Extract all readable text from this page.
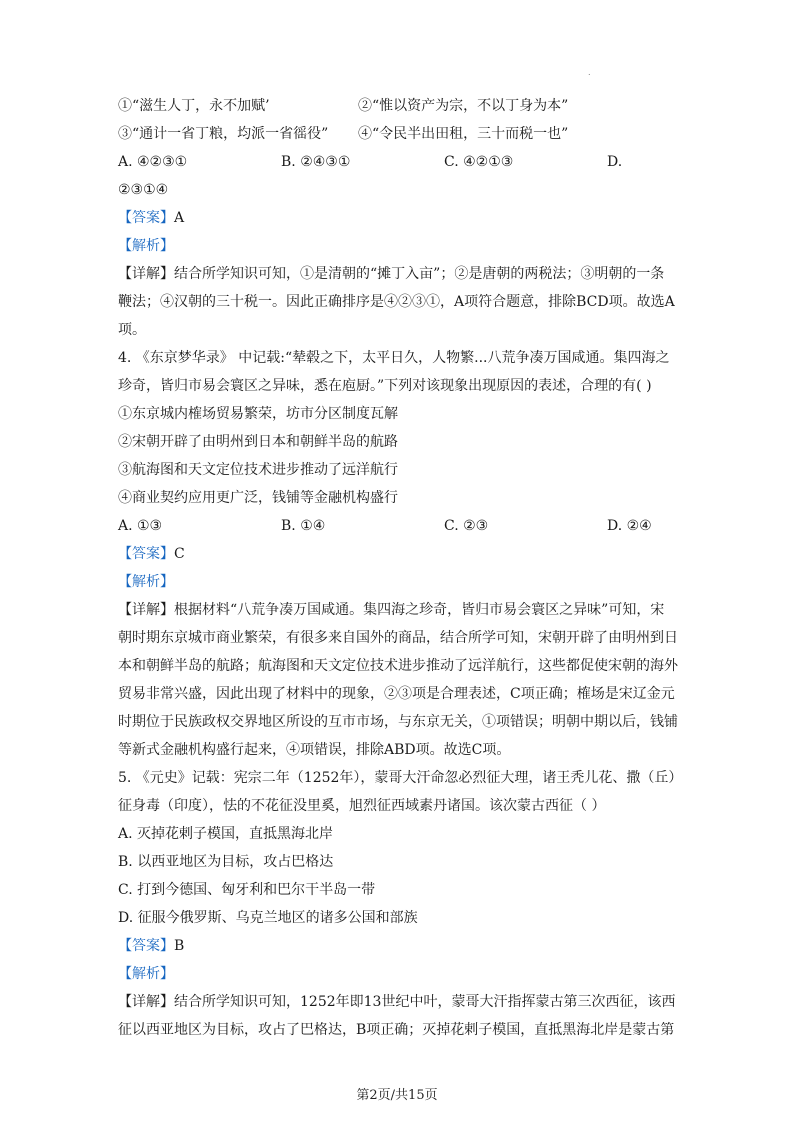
.
①“滋生人丁，永不加赋’	②“惟以资产为宗，不以丁身为本”
③“通计一省丁粮，均派一省徭役”	④“令民半出田租，三十而税一也”
A. ④②③①	B. ②④③①	C. ④②①③	D.
②③①④
【答案】A
【解析】

【详解】结合所学知识可知，①是清朝的“摊丁入亩”；②是唐朝的两税法；③明朝的一条鞭法；④汉朝的三十税一。因此正确排序是④②③①，A项符合题意，排除BCD项。故选A项。

4. 《东京梦华录》 中记载:“辇毂之下，太平日久，人物繁...八荒争凑万国咸通。集四海之珍奇，皆归市易会寰区之异味，悉在庖厨。”下列对该现象出现原因的表述，合理的有( )

①东京城内榷场贸易繁荣，坊市分区制度瓦解
②宋朝开辟了由明州到日本和朝鲜半岛的航路
③航海图和天文定位技术进步推动了远洋航行
④商业契约应用更广泛，钱铺等金融机构盛行
A. ①③	B. ①④	C. ②③	D. ②④
【答案】C
【解析】

【详解】根据材料“八荒争凑万国咸通。集四海之珍奇，皆归市易会寰区之异味”可知，宋朝时期东京城市商业繁荣，有很多来自国外的商品，结合所学可知，宋朝开辟了由明州到日本和朝鲜半岛的航路；航海图和天文定位技术进步推动了远洋航行，这些都促使宋朝的海外贸易非常兴盛，因此出现了材料中的现象，②③项是合理表述，C项正确；榷场是宋辽金元时期位于民族政权交界地区所设的互市市场，与东京无关，①项错误；明朝中期以后，钱铺等新式金融机构盛行起来，④项错误，排除ABD项。故选C项。

5. 《元史》记载：宪宗二年（1252年），蒙哥大汗命忽必烈征大理，诸王秃儿花、撒（丘）征身毒（印度），怯的不花征没里奚，旭烈征西域素丹诸国。该次蒙古西征（ ）

A. 灭掉花剌子模国，直抵黑海北岸
B. 以西亚地区为目标，攻占巴格达
C. 打到今德国、匈牙利和巴尔干半岛一带
D. 征服今俄罗斯、乌克兰地区的诸多公国和部族
【答案】B
【解析】

【详解】结合所学知识可知，1252年即13世纪中叶，蒙哥大汗指挥蒙古第三次西征，该西征以西亚地区为目标，攻占了巴格达，B项正确；灭掉花剌子模国，直抵黑海北岸是蒙古第

第2页/共15页
